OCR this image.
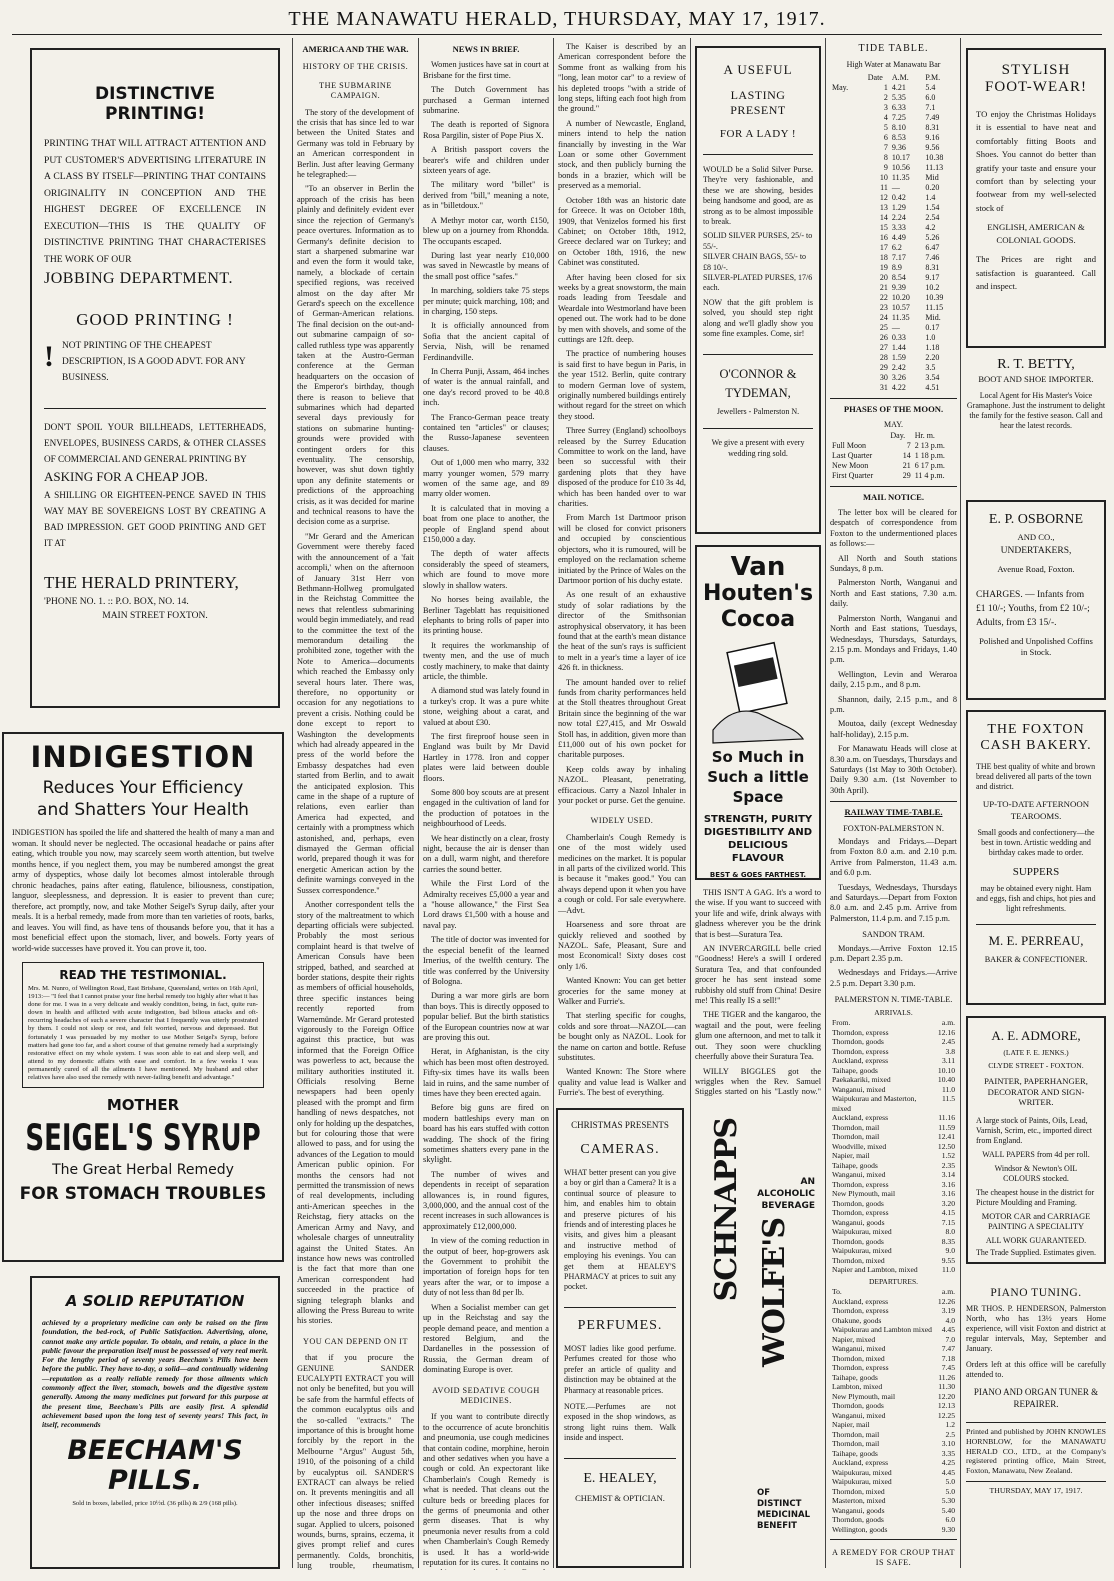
THE MANAWATU HERALD, THURSDAY, MAY 17, 1917.
DISTINCTIVE PRINTING!
PRINTING THAT WILL ATTRACT ATTENTION AND PUT CUSTOMER'S ADVERTISING LITERATURE IN A CLASS BY ITSELF—PRINTING THAT CONTAINS ORIGINALITY IN CONCEPTION AND THE HIGHEST DEGREE OF EXCELLENCE IN EXECUTION—THIS IS THE QUALITY OF DISTINCTIVE PRINTING THAT CHARACTERISES THE WORK OF OUR
JOBBING DEPARTMENT.
GOOD PRINTING !
! NOT PRINTING OF THE CHEAPEST DESCRIPTION, IS A GOOD ADVT. FOR ANY BUSINESS.
DON'T SPOIL YOUR BILLHEADS, LETTERHEADS, ENVELOPES, BUSINESS CARDS, & OTHER CLASSES OF COMMERCIAL AND GENERAL PRINTING BY
ASKING FOR A CHEAP JOB.
A SHILLING OR EIGHTEEN-PENCE SAVED IN THIS WAY MAY BE SOVEREIGNS LOST BY CREATING A BAD IMPRESSION. GET GOOD PRINTING AND GET IT AT
THE HERALD PRINTERY,
'PHONE NO. 1. :: P.O. BOX, NO. 14.
MAIN STREET FOXTON.
INDIGESTION
Reduces Your Efficiency
and Shatters Your Health
INDIGESTION has spoiled the life and shattered the health of many a man and woman. It should never be neglected. The occasional headache or pains after eating, which trouble you now, may scarcely seem worth attention, but twelve months hence, if you neglect them, you may be numbered amongst the great army of dyspeptics, whose daily lot becomes almost intolerable through chronic headaches, pains after eating, flatulence, biliousness, constipation, languor, sleeplessness, and depression. It is easier to prevent than cure; therefore, act promptly, now, and take Mother Seigel's Syrup daily, after your meals. It is a herbal remedy, made from more than ten varieties of roots, barks, and leaves. You will find, as have tens of thousands before you, that it has a most beneficial effect upon the stomach, liver, and bowels. Forty years of world-wide successes have proved it. You can prove it, too.
READ THE TESTIMONIAL.
Mrs. M. Nunro, of Wellington Road, East Brisbane, Queensland, writes on 16th April, 1913:— "I feel that I cannot praise your fine herbal remedy too highly after what it has done for me. I was in a very delicate and weakly condition, being, in fact, quite run-down in health and afflicted with acute indigestion, bad bilious attacks and oft-recurring headaches of such a severe character that I frequently was utterly prostrated by them. I could not sleep or rest, and felt worried, nervous and depressed. But fortunately I was persuaded by my mother to use Mother Seigel's Syrup, before matters had gone too far, and a short course of that genuine remedy had a surprisingly restorative effect on my whole system. I was soon able to eat and sleep well, and attend to my domestic affairs with ease and comfort. In a few weeks I was permanently cured of all the ailments I have mentioned. My husband and other relatives have also used the remedy with never-failing benefit and advantage."
MOTHER
SEIGEL'S SYRUP
The Great Herbal Remedy
FOR STOMACH TROUBLES
A SOLID REPUTATION
achieved by a proprietary medicine can only be raised on the firm foundation, the bed-rock, of Public Satisfaction. Advertising, alone, cannot make any article popular. To obtain, and retain, a place in the public favour the preparation itself must be possessed of very real merit. For the lengthy period of seventy years Beecham's Pills have been before the public. They have to-day, a solid—and continually widening—reputation as a really reliable remedy for those ailments which commonly affect the liver, stomach, bowels and the digestive system generally. Among the many medicines put forward for this purpose at the present time, Beecham's Pills are easily first. A splendid achievement based upon the long test of seventy years! This fact, in itself, recommends
BEECHAM'S PILLS.
Sold in boxes, labelled, price 10½d. (36 pills) & 2/9 (168 pills).
AMERICA AND THE WAR.
HISTORY OF THE CRISIS.
THE SUBMARINE CAMPAIGN.

The story of the development of the crisis that has since led to war between the United States and Germany was told in February by an American correspondent in Berlin. Just after leaving Germany he telegraphed:—

"To an observer in Berlin the approach of the crisis has been plainly and definitely evident ever since the rejection of Germany's peace overtures. Information as to Germany's definite decision to start a sharpened submarine war and even the form it would take, namely, a blockade of certain specified regions, was received almost on the day after Mr Gerard's speech on the excellence of German-American relations. The final decision on the out-and-out submarine campaign of so-called ruthless type was apparently taken at the Austro-German conference at the German headquarters on the occasion of the Emperor's birthday, though there is reason to believe that submarines which had departed several days previously for stations on submarine hunting-grounds were provided with contingent orders for this eventuality. The censorship, however, was shut down tightly upon any definite statements or predictions of the approaching crisis, as it was decided for marine and technical reasons to have the decision come as a surprise.

"Mr Gerard and the American Government were thereby faced with the announcement of a 'fait accompli,' when on the afternoon of January 31st Herr von Bethmann-Hollweg promulgated in the Reichstag Committee the news that relentless submarining would begin immediately, and read to the committee the text of the memorandum detailing the prohibited zone, together with the Note to America—documents which reached the Embassy only several hours later. There was, therefore, no opportunity or occasion for any negotiations to prevent a crisis. Nothing could be done except to report to Washington the developments which had already appeared in the press of the world before the Embassy despatches had even started from Berlin, and to await the anticipated explosion. This came in the shape of a rupture of relations, even earlier than America had expected, and certainly with a promptness which astonished, and, perhaps, even dismayed the German official world, prepared though it was for energetic American action by the definite warnings conveyed in the Sussex correspondence."

Another correspondent tells the story of the maltreatment to which departing officials were subjected. Probably the most serious complaint heard is that twelve of American Consuls have been stripped, bathed, and searched at border stations, despite their rights as members of official households, three specific instances being recently reported from Warnemünde. Mr Gerard protested vigorously to the Foreign Office against this practice, but was informed that the Foreign Office was powerless to act, because the military authorities instituted it. Officials resolving Berne newspapers had been openly pleased with the prompt and firm handling of news despatches, not only for holding up the despatches, but for colouring those that were allowed to pass, and for using the advances of the Legation to mould American public opinion. For months the censors had not permitted the transmission of news of real developments, including anti-American speeches in the Reichstag, fiery attacks on the American Army and Navy, and wholesale charges of unneutrality against the United States. An instance how news was controlled is the fact that more than one American correspondent had succeeded in the practice of signing telegraph blanks and allowing the Press Bureau to write his stories.

YOU CAN DEPEND ON IT

that if you procure the GENUINE SANDER EUCALYPTI EXTRACT you will not only be benefited, but you will be safe from the harmful effects of the common eucalyptus oils and the so-called "extracts." The importance of this is brought home forcibly by the report in the Melbourne "Argus" August 5th, 1910, of the poisoning of a child by eucalyptus oil. SANDER'S EXTRACT can always be relied on. It prevents meningitis and all other infectious diseases; sniffed up the nose and three drops on sugar. Applied to ulcers, poisoned wounds, burns, sprains, eczema, it gives prompt relief and cures permanently. Colds, bronchitis, lung trouble, rheumatism,

NEWS IN BRIEF.

Women justices have sat in court at Brisbane for the first time.

The Dutch Government has purchased a German interned submarine.

The death is reported of Signora Rosa Pargilin, sister of Pope Pius X.

A British passport covers the bearer's wife and children under sixteen years of age.

The military word "billet" is derived from "bill," meaning a note, as in "billetdoux."

A Methyr motor car, worth £150, blew up on a journey from Rhondda. The occupants escaped.

During last year nearly £10,000 was saved in Newcastle by means of the small post office "safes."

In marching, soldiers take 75 steps per minute; quick marching, 108; and in charging, 150 steps.

It is officially announced from Sofia that the ancient capital of Servia, Nish, will be renamed Ferdinandville.

In Cherra Punji, Assam, 464 inches of water is the annual rainfall, and one day's record proved to be 40.8 inch.

The Franco-German peace treaty contained ten "articles" or clauses; the Russo-Japanese seventeen clauses.

Out of 1,000 men who marry, 332 marry younger women, 579 marry women of the same age, and 89 marry older women.

It is calculated that in moving a boat from one place to another, the people of England spend about £150,000 a day.

The depth of water affects considerably the speed of steamers, which are found to move more slowly in shallow waters.

No horses being available, the Berliner Tageblatt has requisitioned elephants to bring rolls of paper into its printing house.

It requires the workmanship of twenty men, and the use of much costly machinery, to make that dainty article, the thimble.

A diamond stud was lately found in a turkey's crop. It was a pure white stone, weighing about a carat, and valued at about £30.

The first fireproof house seen in England was built by Mr David Hartley in 1778. Iron and copper plates were laid between double floors.

Some 800 boy scouts are at present engaged in the cultivation of land for the production of potatoes in the neighbourhood of Leeds.

We hear distinctly on a clear, frosty night, because the air is denser than on a dull, warm night, and therefore carries the sound better.

While the First Lord of the Admiralty receives £5,000 a year and a "house allowance," the First Sea Lord draws £1,500 with a house and naval pay.

The title of doctor was invented for the especial benefit of the learned Irnerius, of the twelfth century. The title was conferred by the University of Bologna.

During a war more girls are born than boys. This is directly opposed to popular belief. But the birth statistics of the European countries now at war are proving this out.

Herat, in Afghanistan, is the city which has been most often destroyed. Fifty-six times have its walls been laid in ruins, and the same number of times have they been erected again.

Before big guns are fired on modern battleships every man on board has his ears stuffed with cotton wadding. The shock of the firing sometimes shatters every pane in the skylight.

The number of wives and dependents in receipt of separation allowances is, in round figures, 3,000,000, and the annual cost of the recent increases in such allowances is approximately £12,000,000.

In view of the coming reduction in the output of beer, hop-growers ask the Government to prohibit the importation of foreign hops for ten years after the war, or to impose a duty of not less than 8d per lb.

When a Socialist member can get up in the Reichstag and say the people demand peace, and mention a restored Belgium, and the Dardanelles in the possession of Russia, the German dream of dominating Europe is over.

AVOID SEDATIVE COUGH MEDICINES.

If you want to contribute directly to the occurrence of acute bronchitis and pneumonia, use cough medicines that contain codine, morphine, heroin and other sedatives when you have a cough or cold. An expectorant like Chamberlain's Cough Remedy is what is needed. That cleans out the culture beds or breeding places for the germs of pneumonia and other germ diseases. That is why pneumonia never results from a cold when Chamberlain's Cough Remedy is used. It has a world-wide reputation for its cures. It contains no

The Kaiser is described by an American correspondent before the Somme front as walking from his "long, lean motor car" to a review of his depleted troops "with a stride of long steps, lifting each foot high from the ground."

A number of Newcastle, England, miners intend to help the nation financially by investing in the War Loan or some other Government stock, and then publicly burning the bonds in a brazier, which will be preserved as a memorial.

October 18th was an historic date for Greece. It was on October 18th, 1909, that Venizelos formed his first Cabinet; on October 18th, 1912, Greece declared war on Turkey; and on October 18th, 1916, the new Cabinet was constituted.

After having been closed for six weeks by a great snowstorm, the main roads leading from Teesdale and Weardale into Westmorland have been opened out. The work had to be done by men with shovels, and some of the cuttings are 12ft. deep.

The practice of numbering houses is said first to have begun in Paris, in the year 1512. Berlin, quite contrary to modern German love of system, originally numbered buildings entirely without regard for the street on which they stood.

Three Surrey (England) schoolboys released by the Surrey Education Committee to work on the land, have been so successful with their gardening plots that they have disposed of the produce for £10 3s 4d, which has been handed over to war charities.

From March 1st Dartmoor prison will be closed for convict prisoners and occupied by conscientious objectors, who it is rumoured, will be employed on the reclamation scheme initiated by the Prince of Wales on the Dartmoor portion of his duchy estate.

As one result of an exhaustive study of solar radiations by the director of the Smithsonian astrophysical observatory, it has been found that at the earth's mean distance the heat of the sun's rays is sufficient to melt in a year's time a layer of ice 426 ft. in thickness.

The amount handed over to relief funds from charity performances held at the Stoll theatres throughout Great Britain since the beginning of the war now total £27,415, and Mr Oswald Stoll has, in addition, given more than £11,000 out of his own pocket for charitable purposes.

Keep colds away by inhaling NAZOL. Pleasant, penetrating, efficacious. Carry a Nazol Inhaler in your pocket or purse. Get the genuine.

WIDELY USED.

Chamberlain's Cough Remedy is one of the most widely used medicines on the market. It is popular in all parts of the civilized world. This is because it "makes good." You can always depend upon it when you have a cough or cold. For sale everywhere.—Advt.

Hoarseness and sore throat are quickly relieved and soothed by NAZOL. Safe, Pleasant, Sure and most Economical! Sixty doses cost only 1/6.

Wanted Known: You can get better groceries for the same money at Walker and Furrie's.

That sterling specific for coughs, colds and sore throat—NAZOL—can be bought only as NAZOL. Look for the name on carton and bottle. Refuse substitutes.

Wanted Known: The Store where quality and value lead is Walker and Furrie's. The best of everything.

A USEFUL
LASTING PRESENT
FOR A LADY !
WOULD be a Solid Silver Purse. They're very fashionable, and these we are showing, besides being handsome and good, are as strong as to be almost impossible to break.
SOLID SILVER PURSES, 25/- to 55/-.
SILVER CHAIN BAGS, 55/- to £8 10/-.
SILVER-PLATED PURSES, 17/6 each.
NOW that the gift problem is solved, you should step right along and we'll gladly show you some fine examples. Come, sir!
O'CONNOR &
TYDEMAN,
Jewellers - Palmerston N.
We give a present with every wedding ring sold.
Van
Houten's
Cocoa
So Much in Such a little Space
STRENGTH, PURITY DIGESTIBILITY AND DELICIOUS FLAVOUR
BEST & GOES FARTHEST.

THIS ISN'T A GAG. It's a word to the wise. If you want to succeed with your life and wife, drink always with gladness wherever you be the drink that is best—Suratura Tea.

AN INVERCARGILL belle cried "Goodness! Here's a swill I ordered Suratura Tea, and that confounded grocer he has sent instead some rubbishy old stuff from China! Desire me! This really IS a sell!"

THE TIGER and the kangaroo, the wagtail and the pout, were feeling glum one afternoon, and met to talk it out. They soon were chuckling cheerfully above their Suratura Tea.

WILLY BIGGLES got the wriggles when the Rev. Samuel Stiggles started on his "Lastly now."

TIDE TABLE.
High Water at Manawatu Bar
	Date	A.M.	P.M.
May.	1	4.21	5.4
	2	5.35	6.0
	3	6.33	7.1
	4	7.25	7.49
	5	8.10	8.31
	6	8.53	9.16
	7	9.36	9.56
	8	10.17	10.38
	9	10.56	11.13
	10	11.35	Mid
	11	—	0.20
	12	0.42	1.4
	13	1.29	1.54
	14	2.24	2.54
	15	3.33	4.2
	16	4.49	5.26
	17	6.2	6.47
	18	7.17	7.46
	19	8.9	8.31
	20	8.54	9.17
	21	9.39	10.2
	22	10.20	10.39
	23	10.57	11.15
	24	11.35	Mid.
	25	—	0.17
	26	0.33	1.0
	27	1.44	1.18
	28	1.59	2.20
	29	2.42	3.5
	30	3.26	3.54
	31	4.22	4.51
PHASES OF THE MOON.
MAY.
	Day.	Hr. m.
Full Moon	7	2 13 p.m.
Last Quarter	14	1 18 p.m.
New Moon	21	6 17 p.m.
First Quarter	29	11 4 p.m.
MAIL NOTICE.

The letter box will be cleared for despatch of correspondence from Foxton to the undermentioned places as follows:—

All North and South stations Sundays, 8 p.m.

Palmerston North, Wanganui and North and East stations, 7.30 a.m. daily.

Palmerston North, Wanganui and North and East stations, Tuesdays, Wednesdays, Thursdays, Saturdays, 2.15 p.m. Mondays and Fridays, 1.40 p.m.

Wellington, Levin and Weraroa daily, 2.15 p.m., and 8 p.m.

Shannon, daily, 2.15 p.m., and 8 p.m.

Moutoa, daily (except Wednesday half-holiday), 2.15 p.m.

For Manawatu Heads will close at 8.30 a.m. on Tuesdays, Thursdays and Saturdays (1st May to 30th October). Daily 9.30 a.m. (1st November to 30th April).

RAILWAY TIME-TABLE.
FOXTON-PALMERSTON N.

Mondays and Fridays.—Depart from Foxton 8.0 a.m. and 2.10 p.m. Arrive from Palmerston, 11.43 a.m. and 6.0 p.m.

Tuesdays, Wednesdays, Thursdays and Saturdays.—Depart from Foxton 8.0 a.m. and 2.45 p.m. Arrive from Palmerston, 11.4 p.m. and 7.15 p.m.

SANDON TRAM.

Mondays.—Arrive Foxton 12.15 p.m. Depart 2.35 p.m.

Wednesdays and Fridays.—Arrive 2.5 p.m. Depart 3.30 p.m.

PALMERSTON N. TIME-TABLE.
ARRIVALS.
From.	a.m.
Thorndon, express	12.16
Thorndon, goods	2.45
Thorndon, express	3.8
Auckland, express	3.11
Taihape, goods	10.10
Paekakariki, mixed	10.40
Wanganui, mixed	11.0
Waipukurau and Masterton, mixed	11.5
Auckland, express	11.16
Thorndon, mail	11.59
Thorndon, mail	12.41
Woodville, mixed	12.50
Napier, mail	1.52
Taihape, goods	2.35
Wanganui, mixed	3.14
Thorndon, express	3.16
New Plymouth, mail	3.16
Thorndon, goods	3.20
Thorndon, express	4.15
Wanganui, goods	7.15
Waipukurau, mixed	8.0
Thorndon, goods	8.35
Waipukurau, mixed	9.0
Thorndon, mixed	9.55
Napier and Lambton, mixed	11.0
DEPARTURES.
To.	a.m.
Auckland, express	12.26
Thorndon, express	3.19
Ohakune, goods	4.0
Waipukurau and Lambton mixed	4.45
Napier, mixed	7.0
Wanganui, mixed	7.47
Thorndon, mixed	7.18
Thorndon, express	7.45
Taihape, goods	11.26
Lambton, mixed	11.30
New Plymouth, mail	12.20
Thorndon, goods	12.13
Wanganui, mixed	12.25
Napier, mail	1.2
Thorndon, mail	2.5
Thorndon, mail	3.10
Taihape, goods	3.35
Auckland, express	4.25
Waipukurau, mixed	4.45
Waipukurau, mixed	5.0
Thorndon, mixed	5.0
Masterton, mixed	5.30
Wanganui, goods	5.40
Thorndon, goods	6.0
Wellington, goods	9.30
A REMEDY FOR CROUP THAT IS SAFE.

STYLISH
FOOT-WEAR!
TO enjoy the Christmas Holidays it is essential to have neat and comfortably fitting Boots and Shoes. You cannot do better than gratify your taste and ensure your comfort than by selecting your footwear from my well-selected stock of
ENGLISH, AMERICAN & COLONIAL GOODS.
The Prices are right and satisfaction is guaranteed. Call and inspect.
R. T. BETTY,
BOOT AND SHOE IMPORTER.
Local Agent for His Master's Voice Gramaphone. Just the instrument to delight the family for the festive season. Call and hear the latest records.
E. P. OSBORNE
AND CO.,
UNDERTAKERS,
Avenue Road, Foxton.
CHARGES. — Infants from £1 10/-; Youths, from £2 10/-; Adults, from £3 15/-.
Polished and Unpolished Coffins in Stock.
THE FOXTON
CASH BAKERY.
THE best quality of white and brown bread delivered all parts of the town and district.
UP-TO-DATE AFTERNOON TEAROOMS.
Small goods and confectionery—the best in town. Artistic wedding and birthday cakes made to order.
SUPPERS
may be obtained every night. Ham and eggs, fish and chips, hot pies and light refreshments.
M. E. PERREAU,
BAKER & CONFECTIONER.
A. E. ADMORE,
(LATE F. E. JENKS.)
CLYDE STREET - FOXTON.
PAINTER, PAPERHANGER, DECORATOR AND SIGN-WRITER.
A large stock of Paints, Oils, Lead, Varnish, Scrim, etc., imported direct from England.
WALL PAPERS from 4d per roll.
Windsor & Newton's OIL COLOURS stocked.
The cheapest house in the district for Picture Moulding and Framing.
MOTOR CAR and CARRIAGE PAINTING A SPECIALITY
ALL WORK GUARANTEED.
The Trade Supplied. Estimates given.
PIANO TUNING.
MR THOS. P. HENDERSON, Palmerston North, who has 13½ years Home experience, will visit Foxton and district at regular intervals, May, September and January.
Orders left at this office will be carefully attended to.
PIANO AND ORGAN TUNER & REPAIRER.
Printed and published by JOHN KNOWLES HORNBLOW, for the MANAWATU HERALD CO., LTD., at the Company's registered printing office, Main Street, Foxton, Manawatu, New Zealand.
THURSDAY, MAY 17, 1917.
CHRISTMAS PRESENTS
CAMERAS.
WHAT better present can you give a boy or girl than a Camera? It is a continual source of pleasure to him, and enables him to obtain and preserve pictures of his friends and of interesting places he visits, and gives him a pleasant and instructive method of employing his evenings. You can get them at HEALEY'S PHARMACY at prices to suit any pocket.
PERFUMES.
MOST ladies like good perfume. Perfumes created for those who prefer an article of quality and distinction may be obtained at the Pharmacy at reasonable prices.
NOTE.—Perfumes are not exposed in the shop windows, as strong light ruins them. Walk inside and inspect.
E. HEALEY,
CHEMIST & OPTICIAN.
AN ALCOHOLIC BEVERAGE
WOLFE'S
SCHNAPPS
OF DISTINCT MEDICINAL BENEFIT
